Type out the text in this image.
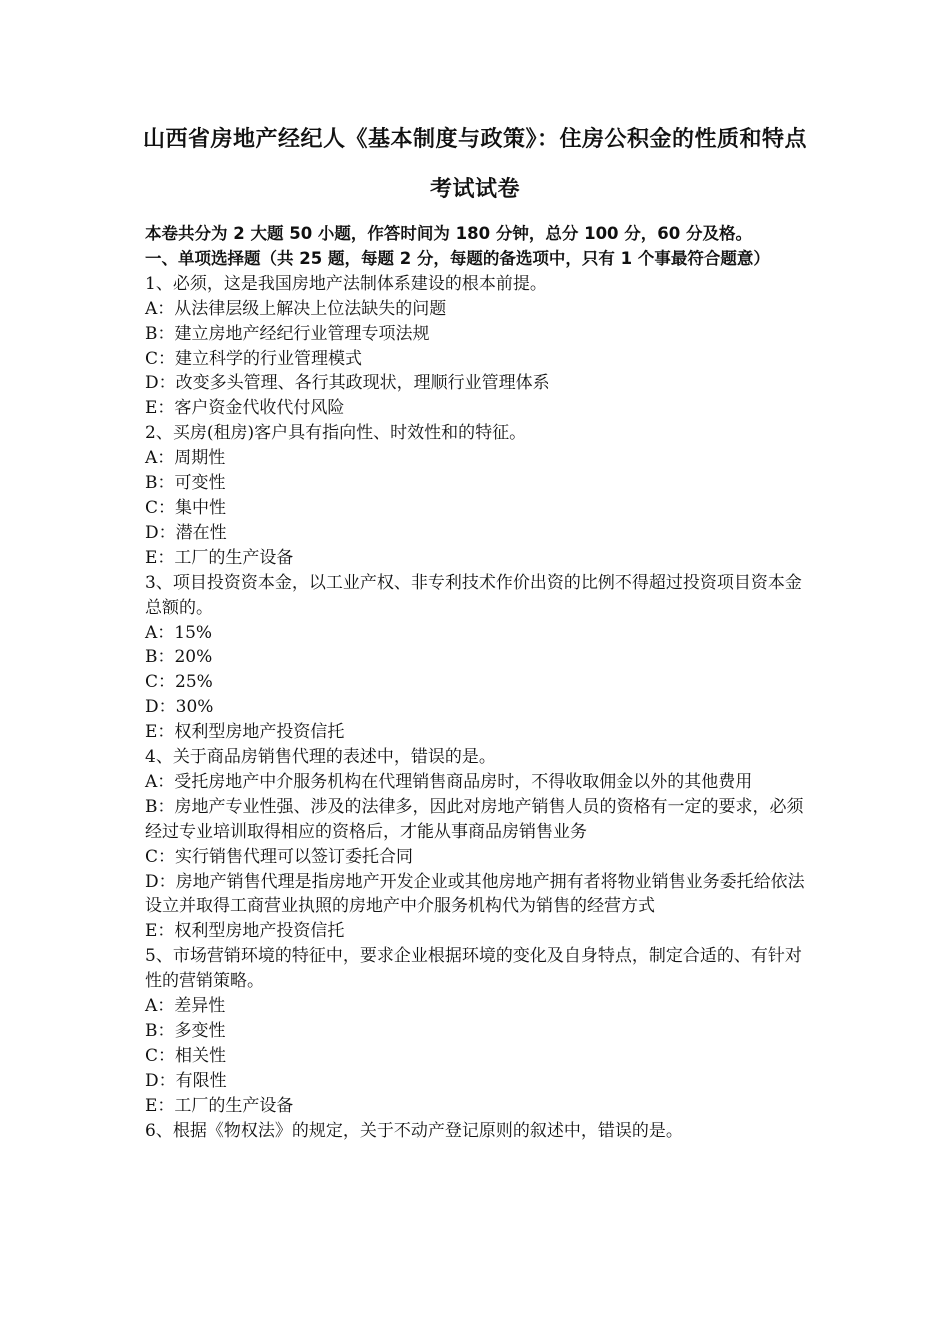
山西省房地产经纪人《基本制度与政策》：住房公积金的性质和特点
考试试卷

本卷共分为 2 大题 50 小题，作答时间为 180 分钟，总分 100 分，60 分及格。

一、单项选择题（共 25 题，每题 2 分，每题的备选项中，只有 1 个事最符合题意）

1、必须，这是我国房地产法制体系建设的根本前提。

A：从法律层级上解决上位法缺失的问题

B：建立房地产经纪行业管理专项法规

C：建立科学的行业管理模式

D：改变多头管理、各行其政现状，理顺行业管理体系

E：客户资金代收代付风险

2、买房(租房)客户具有指向性、时效性和的特征。

A：周期性

B：可变性

C：集中性

D：潜在性

E：工厂的生产设备

3、项目投资资本金，以工业产权、非专利技术作价出资的比例不得超过投资项目资本金总额的。

A：15%

B：20%

C：25%

D：30%

E：权利型房地产投资信托

4、关于商品房销售代理的表述中，错误的是。

A：受托房地产中介服务机构在代理销售商品房时，不得收取佣金以外的其他费用

B：房地产专业性强、涉及的法律多，因此对房地产销售人员的资格有一定的要求，必须经过专业培训取得相应的资格后，才能从事商品房销售业务

C：实行销售代理可以签订委托合同

D：房地产销售代理是指房地产开发企业或其他房地产拥有者将物业销售业务委托给依法设立并取得工商营业执照的房地产中介服务机构代为销售的经营方式

E：权利型房地产投资信托

5、市场营销环境的特征中，要求企业根据环境的变化及自身特点，制定合适的、有针对性的营销策略。

A：差异性

B：多变性

C：相关性

D：有限性

E：工厂的生产设备

6、根据《物权法》的规定，关于不动产登记原则的叙述中，错误的是。
